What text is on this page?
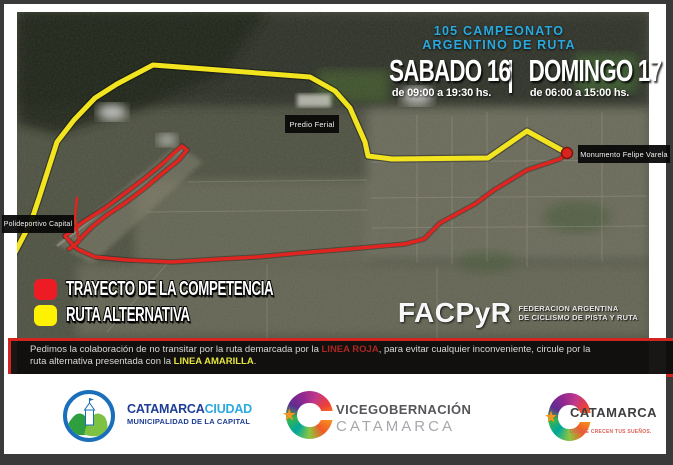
105 CAMPEONATO
ARGENTINO DE RUTA
SABADO 16
de 09:00 a 19:30 hs.
DOMINGO 17
de 06:00 a 15:00 hs.
Predio Ferial
Monumento Felipe Varela
Polideportivo Capital
TRAYECTO DE LA COMPETENCIA
RUTA ALTERNATIVA	FACPyR FEDERACION ARGENTINA
DE CICLISMO DE PISTA Y RUTA
Pedimos la colaboración de no transitar por la ruta demarcada por la LINEA ROJA, para evitar cualquier inconveniente, circule por la
ruta alternativa presentada con la LINEA AMARILLA.
CATAMARCACIUDAD
MUNICIPALIDAD DE LA CAPITAL
VICEGOBERNACIÓN
CATAMARCA
CATAMARCA
DONDE CRECEN TUS SUEÑOS.
